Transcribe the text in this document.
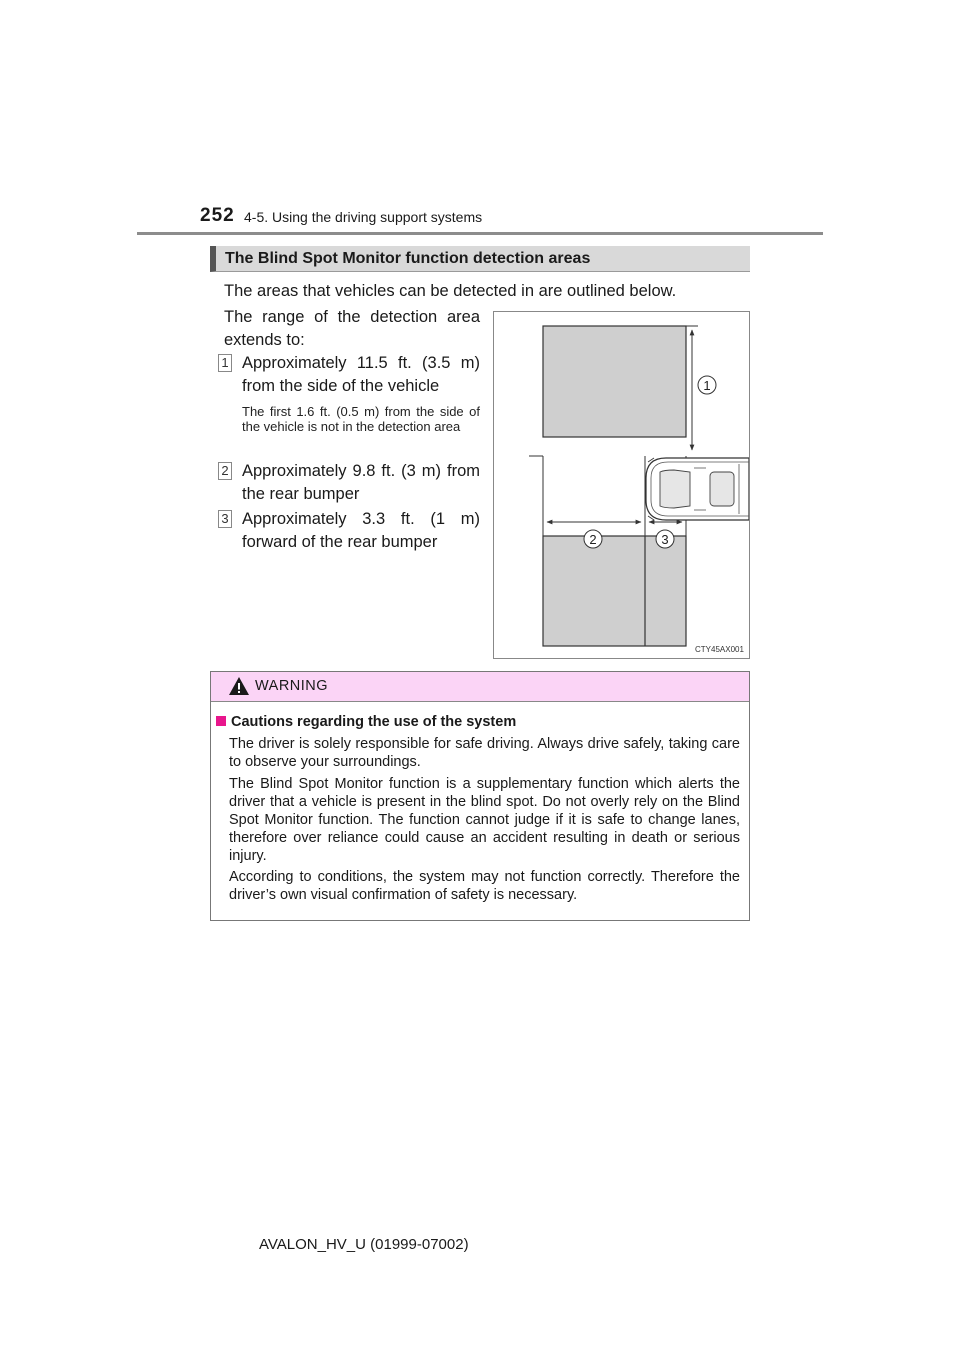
252 4-5. Using the driving support systems
The Blind Spot Monitor function detection areas
The areas that vehicles can be detected in are outlined below.
The range of the detection area extends to:
1 Approximately 11.5 ft. (3.5 m) from the side of the vehicle
The first 1.6 ft. (0.5 m) from the side of the vehicle is not in the detection area
2 Approximately 9.8 ft. (3 m) from the rear bumper
3 Approximately 3.3 ft. (1 m) forward of the rear bumper
1
2	3
CTY45AX001
WARNING
Cautions regarding the use of the system
The driver is solely responsible for safe driving. Always drive safely, taking care to observe your surroundings.
The Blind Spot Monitor function is a supplementary function which alerts the driver that a vehicle is present in the blind spot. Do not overly rely on the Blind Spot Monitor function. The function cannot judge if it is safe to change lanes, therefore over reliance could cause an accident resulting in death or serious injury.
According to conditions, the system may not function correctly. Therefore the driver’s own visual confirmation of safety is necessary.
AVALON_HV_U (01999-07002)
